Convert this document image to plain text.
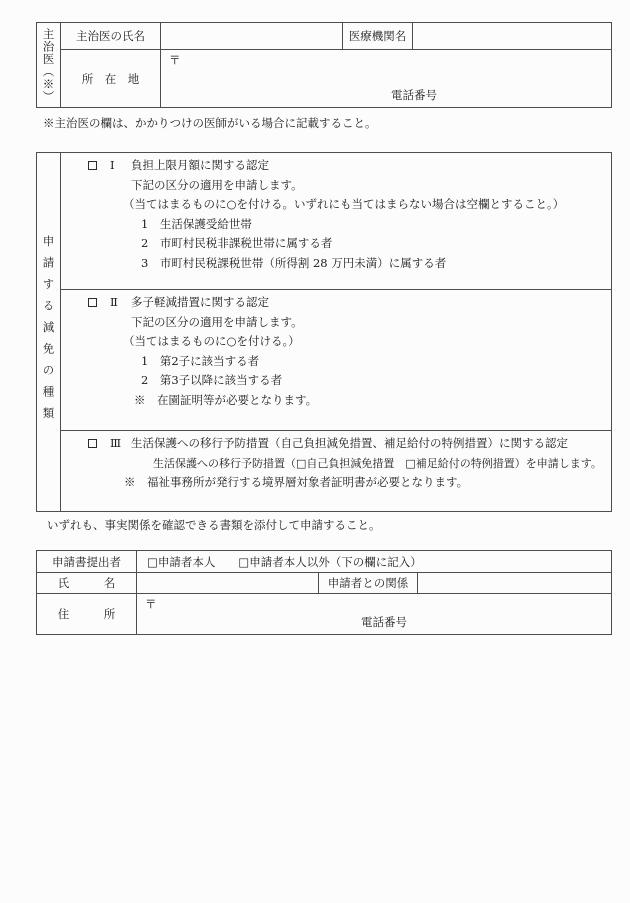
主治医（※）	主治医の氏名	医療機関名
所　在　地
〒
電話番号
※主治医の欄は、かかりつけの医師がいる場合に記載すること。
申請する減免の種類
Ⅰ	負担上限月額に関する認定
下記の区分の適用を申請します。
（当てはまるものに○を付ける。いずれにも当てはまらない場合は空欄とすること。）
1　生活保護受給世帯
2　市町村民税非課税世帯に属する者
3　市町村民税課税世帯（所得割 28 万円未満）に属する者
Ⅱ	多子軽減措置に関する認定
下記の区分の適用を申請します。
（当てはまるものに○を付ける。）
1　第2子に該当する者
2　第3子以降に該当する者
※　在園証明等が必要となります。
Ⅲ 生活保護への移行予防措置（自己負担減免措置、補足給付の特例措置）に関する認定
生活保護への移行予防措置（□自己負担減免措置　□補足給付の特例措置）を申請します。
※　福祉事務所が発行する境界層対象者証明書が必要となります。
いずれも、事実関係を確認できる書類を添付して申請すること。
申請書提出者	□申請者本人　　□申請者本人以外（下の欄に記入）
氏　　　名	申請者との関係
住　　　所
〒
電話番号
